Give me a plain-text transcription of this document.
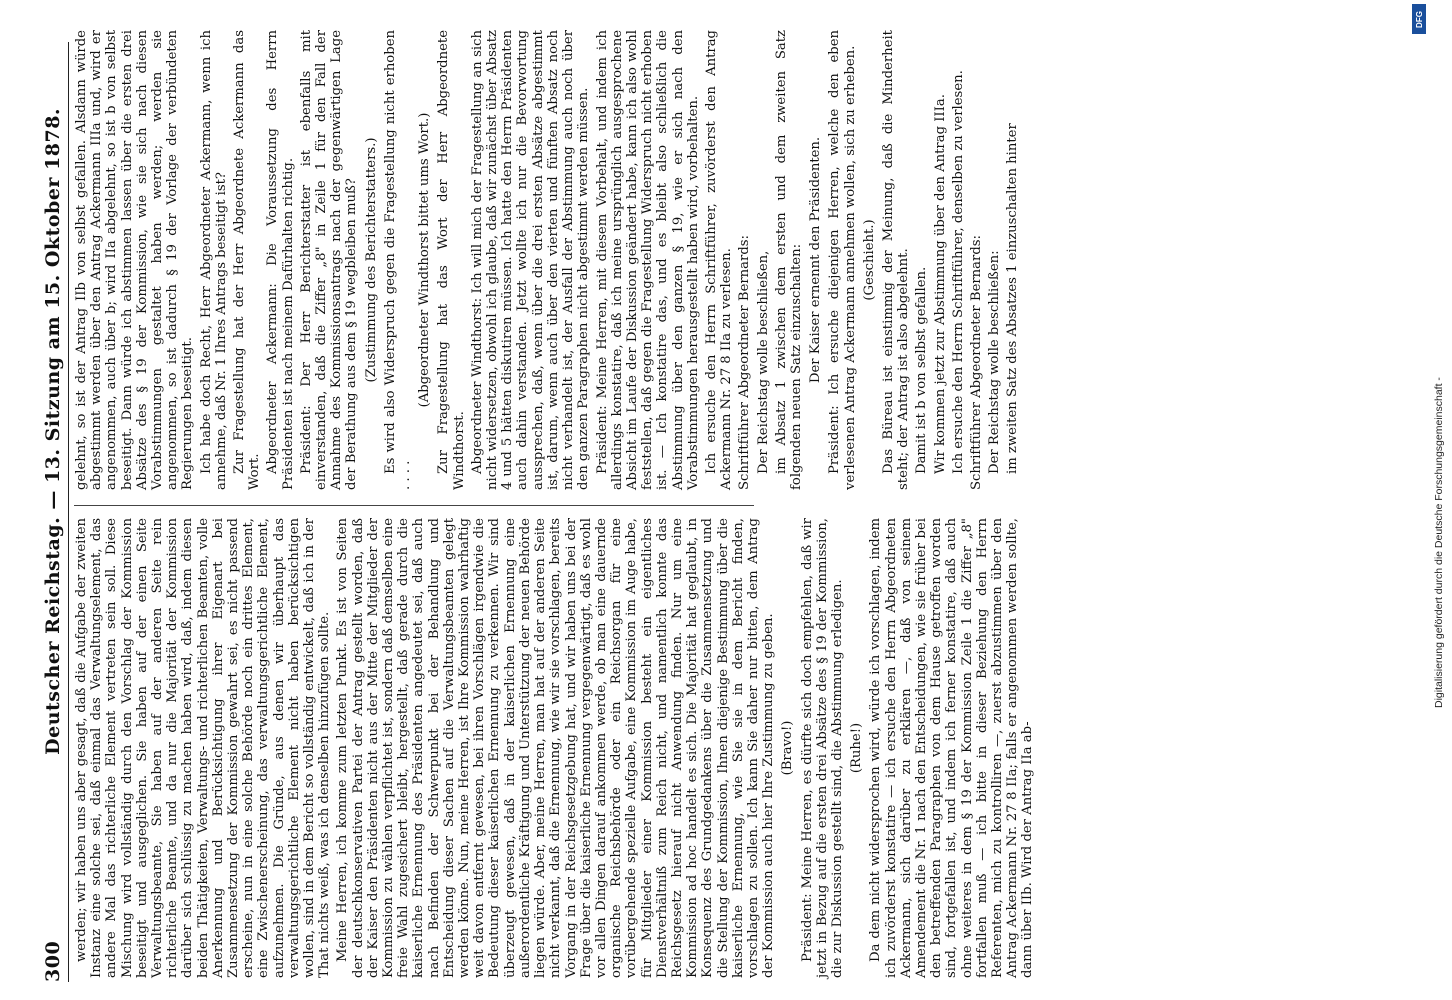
300
Deutscher Reichstag. — 13. Sitzung am 15. Oktober 1878. werden; wir haben uns aber gesagt, daß die Aufgabe der zweiten Instanz eine solche sei, daß einmal das Verwaltungselement, das andere Mal das richterliche Element vertreten sein soll. Diese Mischung wird vollständig durch den Vorschlag der Kommission beseitigt und ausgeglichen. Sie haben auf der einen Seite Verwaltungsbeamte, Sie haben auf der anderen Seite rein richterliche Beamte, und da nur die Majorität der Kommission darüber sich schlüssig zu machen haben wird, daß, indem diesen beiden Thätigkeiten, Verwaltungs- und richterlichen Beamten, volle Anerkennung und Berücksichtigung ihrer Eigenart bei Zusammensetzung der Kommission gewahrt sei, es nicht passend erscheine, nun in eine solche Behörde noch ein drittes Element, eine Zwischenerscheinung, das verwaltungsgerichtliche Element, aufzunehmen. Die Gründe, aus denen wir überhaupt das verwaltungsgerichtliche Element nicht haben berücksichtigen wollen, sind in dem Bericht so vollständig entwickelt, daß ich in der That nichts weiß, was ich denselben hinzufügen sollte. Meine Herren, ich komme zum letzten Punkt. Es ist von Seiten der deutschkonservativen Partei der Antrag gestellt worden, daß der Kaiser den Präsidenten nicht aus der Mitte der Mitglieder der Kommission zu wählen verpflichtet ist, sondern daß demselben eine freie Wahl zugesichert bleibt, hergestellt, daß gerade durch die kaiserliche Ernennung des Präsidenten angedeutet sei, daß auch nach Befinden der Schwerpunkt bei der Behandlung und Entscheidung dieser Sachen auf die Verwaltungsbeamten gelegt werden könne. Nun, meine Herren, ist Ihre Kommission wahrhaftig weit davon entfernt gewesen, bei ihren Vorschlägen irgendwie die Bedeutung dieser kaiserlichen Ernennung zu verkennen. Wir sind überzeugt gewesen, daß in der kaiserlichen Ernennung eine außerordentliche Kräftigung und Unterstützung der neuen Behörde liegen würde. Aber, meine Herren, man hat auf der anderen Seite nicht verkannt, daß die Ernennung, wie wir sie vorschlagen, bereits Vorgang in der Reichsgesetzgebung hat, und wir haben uns bei der Frage über die kaiserliche Ernennung vergegenwärtigt, daß es wohl vor allen Dingen darauf ankommen werde, ob man eine dauernde organische Reichsbehörde oder ein Reichsorgan für eine vorübergehende spezielle Aufgabe, eine Kommission im Auge habe, für Mitglieder einer Kommission besteht ein eigentliches Dienstverhältniß zum Reich nicht, und namentlich konnte das Reichsgesetz hierauf nicht Anwendung finden. Nur um eine Kommission ad hoc handelt es sich. Die Majorität hat geglaubt, in Konsequenz des Grundgedankens über die Zusammensetzung und die Stellung der Kommission, Ihnen diejenige Bestimmung über die kaiserliche Ernennung, wie Sie sie in dem Bericht finden, vorschlagen zu sollen. Ich kann Sie daher nur bitten, dem Antrag der Kommission auch hier Ihre Zustimmung zu geben. (Bravo!) Präsident: Meine Herren, es dürfte sich doch empfehlen, daß wir jetzt in Bezug auf die ersten drei Absätze des § 19 der Kommission, die zur Diskussion gestellt sind, die Abstimmung erledigen. (Ruhe!) Da dem nicht widersprochen wird, würde ich vorschlagen, indem ich zuvörderst konstatire — ich ersuche den Herrn Abgeordneten Ackermann, sich darüber zu erklären —, daß von seinem Amendement die Nr. 1 nach den Entscheidungen, wie sie früher bei den betreffenden Paragraphen von dem Hause getroffen worden sind, fortgefallen ist, und indem ich ferner konstatire, daß auch ohne weiteres in dem § 19 der Kommission Zeile 1 die Ziffer „8" fortfallen muß — ich bitte in dieser Beziehung den Herrn Referenten, mich zu kontrolliren —, zuerst abzustimmen über den Antrag Ackermann Nr. 27 8 IIa; falls er angenommen werden sollte, dann über IIb. Wird der Antrag IIa ab-

gelehnt, so ist der Antrag IIb von selbst gefallen. Alsdann würde abgestimmt werden über den Antrag Ackermann IIIa und, wird er angenommen, auch über b; wird IIa abgelehnt, so ist b von selbst beseitigt. Dann würde ich abstimmen lassen über die ersten drei Absätze des § 19 der Kommission, wie sie sich nach diesen Vorabstimmungen gestaltet haben werden; werden sie angenommen, so ist dadurch § 19 der Vorlage der verbündeten Regierungen beseitigt. Ich habe doch Recht, Herr Abgeordneter Ackermann, wenn ich annehme, daß Nr. 1 Ihres Antrags beseitigt ist? Zur Fragestellung hat der Herr Abgeordnete Ackermann das Wort. Abgeordneter Ackermann: Die Voraussetzung des Herrn Präsidenten ist nach meinem Dafürhalten richtig. Präsident: Der Herr Berichterstatter ist ebenfalls mit einverstanden, daß die Ziffer „8" in Zeile 1 für den Fall der Annahme des Kommissionsantrags nach der gegenwärtigen Lage der Berathung aus dem § 19 wegbleiben muß? (Zustimmung des Berichterstatters.) Es wird also Widerspruch gegen die Fragestellung nicht erhoben . . . .

(Abgeordneter Windthorst bittet ums Wort.) Zur Fragestellung hat das Wort der Herr Abgeordnete Windthorst. Abgeordneter Windthorst: Ich will mich der Fragestellung an sich nicht widersetzen, obwohl ich glaube, daß wir zunächst über Absatz 4 und 5 hätten diskutiren müssen. Ich hatte den Herrn Präsidenten auch dahin verstanden. Jetzt wollte ich nur die Bevorwortung aussprechen, daß, wenn über die drei ersten Absätze abgestimmt ist, darum, wenn auch über den vierten und fünften Absatz noch nicht verhandelt ist, der Ausfall der Abstimmung auch noch über den ganzen Paragraphen nicht abgestimmt werden müssen. Präsident: Meine Herren, mit diesem Vorbehalt, und indem ich allerdings konstatire, daß ich meine ursprünglich ausgesprochene Absicht im Laufe der Diskussion geändert habe, kann ich also wohl feststellen, daß gegen die Fragestellung Widerspruch nicht erhoben ist. — Ich konstatire das, und es bleibt also schließlich die Abstimmung über den ganzen § 19, wie er sich nach den Vorabstimmungen herausgestellt haben wird, vorbehalten. Ich ersuche den Herrn Schriftführer, zuvörderst den Antrag Ackermann Nr. 27 8 IIa zu verlesen. Schriftführer Abgeordneter Bernards: Der Reichstag wolle beschließen, im Absatz 1 zwischen dem ersten und dem zweiten Satz folgenden neuen Satz einzuschalten: Der Kaiser ernennt den Präsidenten. Präsident: Ich ersuche diejenigen Herren, welche den eben verlesenen Antrag Ackermann annehmen wollen, sich zu erheben. (Geschieht.) Das Büreau ist einstimmig der Meinung, daß die Minderheit steht; der Antrag ist also abgelehnt. Damit ist b von selbst gefallen. Wir kommen jetzt zur Abstimmung über den Antrag IIIa. Ich ersuche den Herrn Schriftführer, denselben zu verlesen. Schriftführer Abgeordneter Bernards: Der Reichstag wolle beschließen: im zweiten Satz des Absatzes 1 einzuschalten hinter

Digitalisierung gefördert durch die Deutsche Forschungsgemeinschaft -
DFG
